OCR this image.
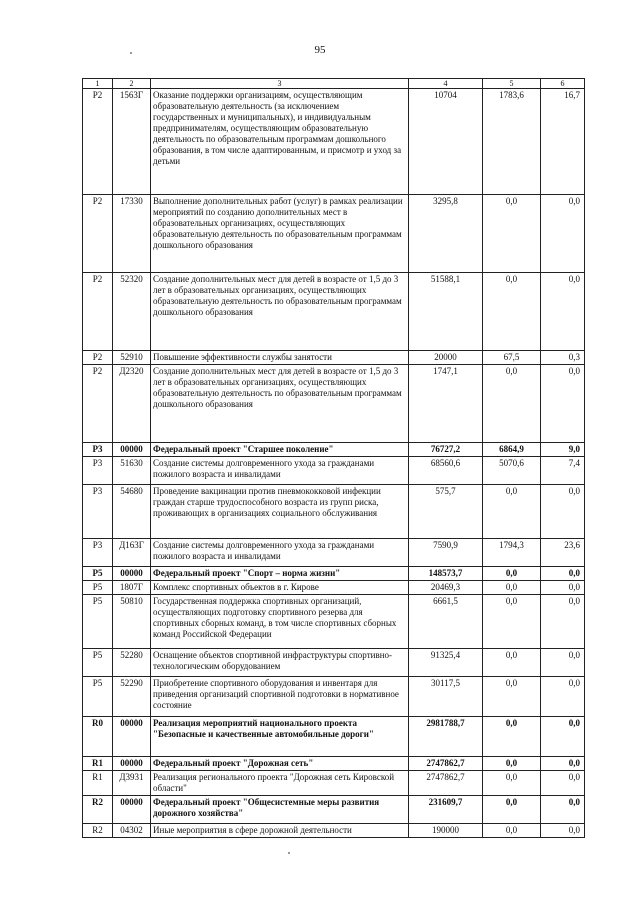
95
1	2	3	4	5	6
Р2	1563Г	Оказание поддержки организациям, осуществляющим образовательную деятельность (за исключением государственных и муниципальных), и индивидуальным предпринимателям, осуществляющим образовательную деятельность по образовательным программам дошкольного образования, в том числе адаптированным, и присмотр и уход за детьми	10704	1783,6	16,7
Р2	17330	Выполнение дополнительных работ (услуг) в рамках реализации мероприятий по созданию дополнительных мест в образовательных организациях, осуществляющих образовательную деятельность по образовательным программам дошкольного образования	3295,8	0,0	0,0
Р2	52320	Создание дополнительных мест для детей в возрасте от 1,5 до 3 лет в образовательных организациях, осуществляющих образовательную деятельность по образовательным программам дошкольного образования	51588,1	0,0	0,0
Р2	52910	Повышение эффективности службы занятости	20000	67,5	0,3
Р2	Д2320	Создание дополнительных мест для детей в возрасте от 1,5 до 3 лет в образовательных организациях, осуществляющих образовательную деятельность по образовательным программам дошкольного образования	1747,1	0,0	0,0
Р3	00000	Федеральный проект "Старшее поколение"	76727,2	6864,9	9,0
Р3	51630	Создание системы долговременного ухода за гражданами пожилого возраста и инвалидами	68560,6	5070,6	7,4
Р3	54680	Проведение вакцинации против пневмококковой инфекции граждан старше трудоспособного возраста из групп риска, проживающих в организациях социального обслуживания	575,7	0,0	0,0
Р3	Д163Г	Создание системы долговременного ухода за гражданами пожилого возраста и инвалидами	7590,9	1794,3	23,6
Р5	00000	Федеральный проект "Спорт – норма жизни"	148573,7	0,0	0,0
Р5	1807Г	Комплекс спортивных объектов в г. Кирове	20469,3	0,0	0,0
Р5	50810	Государственная поддержка спортивных организаций, осуществляющих подготовку спортивного резерва для спортивных сборных команд, в том числе спортивных сборных команд Российской Федерации	6661,5	0,0	0,0
Р5	52280	Оснащение объектов спортивной инфраструктуры спортивно-технологическим оборудованием	91325,4	0,0	0,0
Р5	52290	Приобретение спортивного оборудования и инвентаря для приведения организаций спортивной подготовки в нормативное состояние	30117,5	0,0	0,0
R0	00000	Реализация мероприятий национального проекта "Безопасные и качественные автомобильные дороги"	2981788,7	0,0	0,0
R1	00000	Федеральный проект "Дорожная сеть"	2747862,7	0,0	0,0
R1	Д3931	Реализация регионального проекта "Дорожная сеть Кировской области"	2747862,7	0,0	0,0
R2	00000	Федеральный проект "Общесистемные меры развития дорожного хозяйства"	231609,7	0,0	0,0
R2	04302	Иные мероприятия в сфере дорожной деятельности	190000	0,0	0,0
